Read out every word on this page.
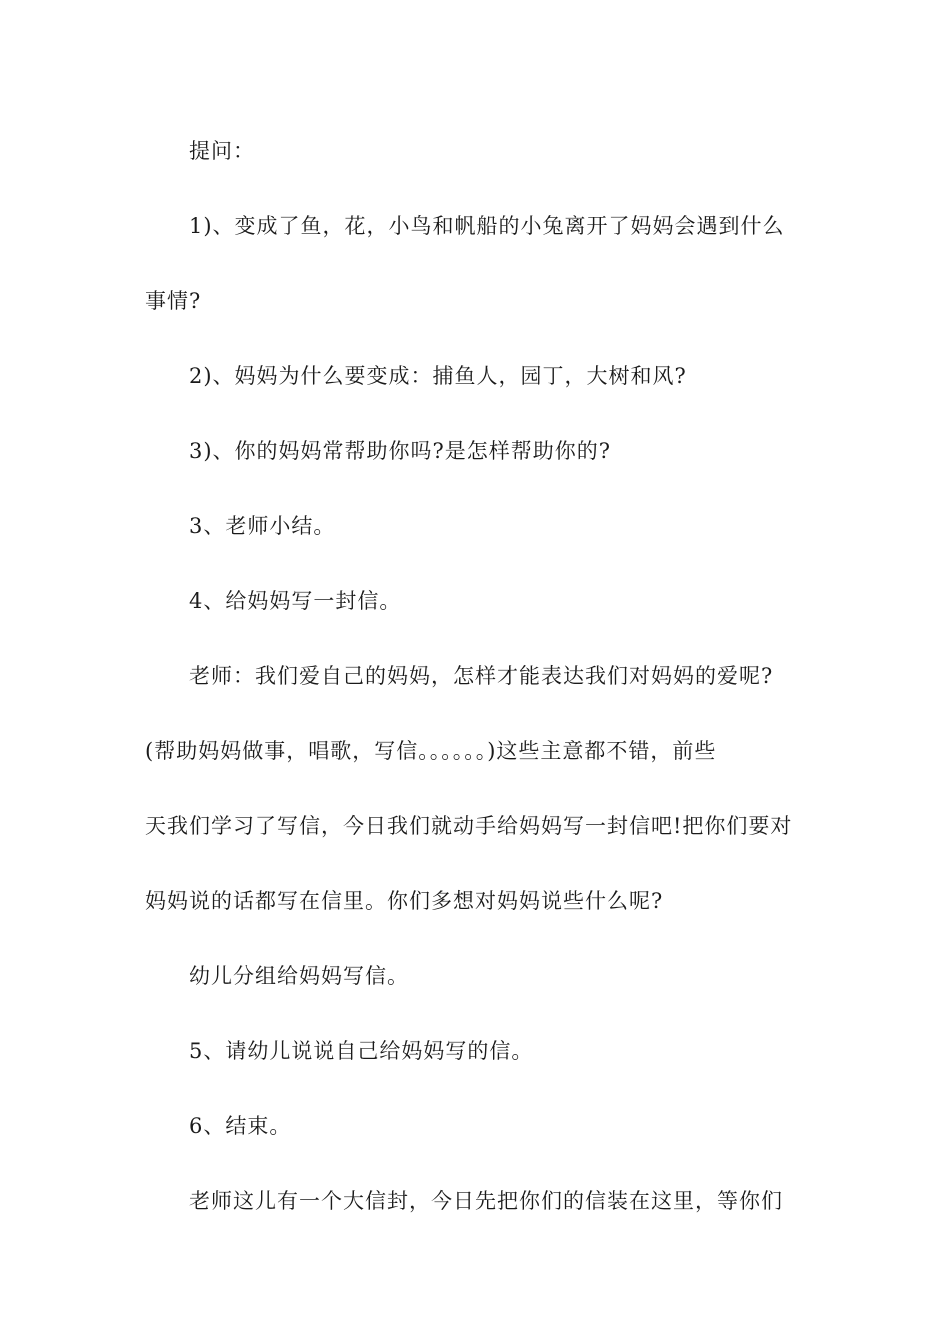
提问：
1)、变成了鱼，花，小鸟和帆船的小兔离开了妈妈会遇到什么
事情?
2)、妈妈为什么要变成：捕鱼人，园丁，大树和风?
3)、你的妈妈常帮助你吗?是怎样帮助你的?
3、老师小结。
4、给妈妈写一封信。
老师：我们爱自己的妈妈，怎样才能表达我们对妈妈的爱呢?
(帮助妈妈做事，唱歌，写信。。。。。。)这些主意都不错，前些
天我们学习了写信，今日我们就动手给妈妈写一封信吧!把你们要对
妈妈说的话都写在信里。你们多想对妈妈说些什么呢?
幼儿分组给妈妈写信。
5、请幼儿说说自己给妈妈写的信。
6、结束。
老师这儿有一个大信封，今日先把你们的信装在这里，等你们
